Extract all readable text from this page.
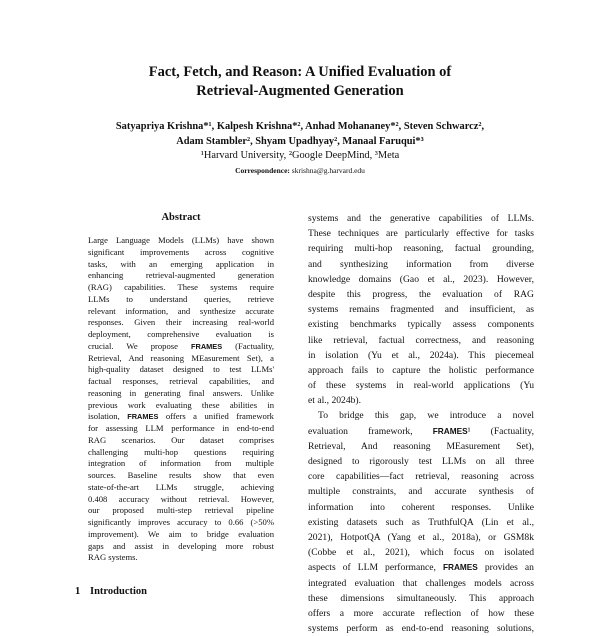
Fact, Fetch, and Reason: A Unified Evaluation of
Retrieval-Augmented Generation
Satyapriya Krishna*¹, Kalpesh Krishna*², Anhad Mohananey*², Steven Schwarcz²,
Adam Stambler², Shyam Upadhyay², Manaal Faruqui*³
¹Harvard University, ²Google DeepMind, ³Meta
Correspondence: skrishna@g.harvard.edu
Abstract
Large Language Models (LLMs) have shown
significant improvements across cognitive
tasks, with an emerging application in
enhancing retrieval-augmented generation
(RAG) capabilities. These systems require
LLMs to understand queries, retrieve
relevant information, and synthesize accurate
responses. Given their increasing real-world
deployment, comprehensive evaluation is
crucial. We propose FRAMES (Factuality,
Retrieval, And reasoning MEasurement Set), a
high-quality dataset designed to test LLMs'
factual responses, retrieval capabilities, and
reasoning in generating final answers. Unlike
previous work evaluating these abilities in
isolation, FRAMES offers a unified framework
for assessing LLM performance in end-to-end
RAG scenarios. Our dataset comprises
challenging multi-hop questions requiring
integration of information from multiple
sources. Baseline results show that even
state-of-the-art LLMs struggle, achieving
0.408 accuracy without retrieval. However,
our proposed multi-step retrieval pipeline
significantly improves accuracy to 0.66 (>50%
improvement). We aim to bridge evaluation
gaps and assist in developing more robust
RAG systems.
1 Introduction
systems and the generative capabilities of LLMs.
These techniques are particularly effective for tasks
requiring multi-hop reasoning, factual grounding,
and synthesizing information from diverse
knowledge domains (Gao et al., 2023). However,
despite this progress, the evaluation of RAG
systems remains fragmented and insufficient, as
existing benchmarks typically assess components
like retrieval, factual correctness, and reasoning
in isolation (Yu et al., 2024a). This piecemeal
approach fails to capture the holistic performance
of these systems in real-world applications (Yu
et al., 2024b).
To bridge this gap, we introduce a novel
evaluation framework, FRAMES¹ (Factuality,
Retrieval, And reasoning MEasurement Set),
designed to rigorously test LLMs on all three
core capabilities—fact retrieval, reasoning across
multiple constraints, and accurate synthesis of
information into coherent responses. Unlike
existing datasets such as TruthfulQA (Lin et al.,
2021), HotpotQA (Yang et al., 2018a), or GSM8k
(Cobbe et al., 2021), which focus on isolated
aspects of LLM performance, FRAMES provides an
integrated evaluation that challenges models across
these dimensions simultaneously. This approach
offers a more accurate reflection of how these
systems perform as end-to-end reasoning solutions,
